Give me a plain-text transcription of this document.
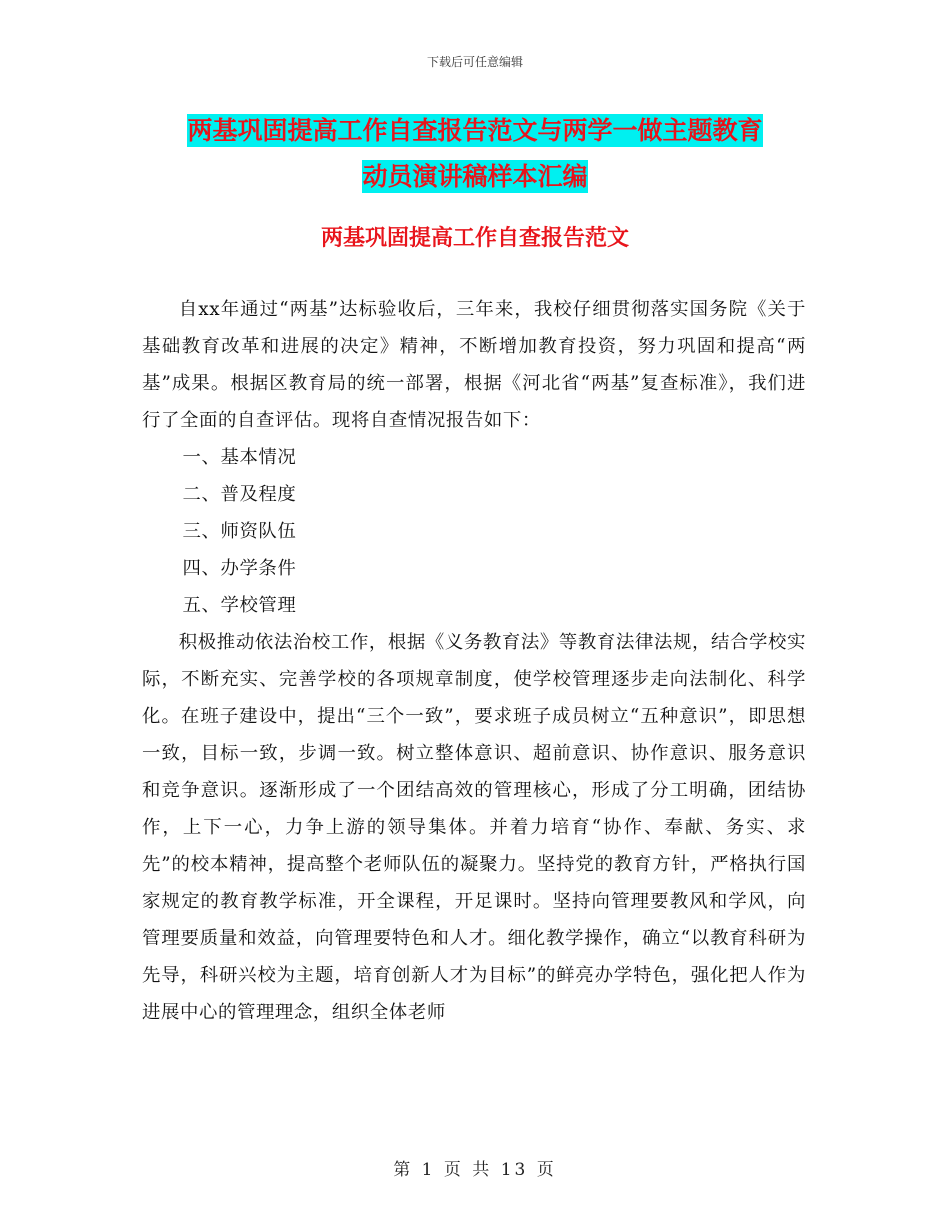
下载后可任意编辑
两基巩固提高工作自查报告范文与两学一做主题教育
动员演讲稿样本汇编
两基巩固提高工作自查报告范文

自xx年通过“两基”达标验收后，三年来，我校仔细贯彻落实国务院《关于基础教育改革和进展的决定》精神，不断增加教育投资，努力巩固和提高“两基”成果。根据区教育局的统一部署，根据《河北省“两基”复查标准》，我们进行了全面的自查评估。现将自查情况报告如下：

一、基本情况
二、普及程度
三、师资队伍
四、办学条件
五、学校管理

积极推动依法治校工作，根据《义务教育法》等教育法律法规，结合学校实际，不断充实、完善学校的各项规章制度，使学校管理逐步走向法制化、科学化。在班子建设中，提出“三个一致”，要求班子成员树立“五种意识”，即思想一致，目标一致，步调一致。树立整体意识、超前意识、协作意识、服务意识和竞争意识。逐渐形成了一个团结高效的管理核心，形成了分工明确，团结协作，上下一心，力争上游的领导集体。并着力培育“协作、奉献、务实、求先”的校本精神，提高整个老师队伍的凝聚力。坚持党的教育方针，严格执行国家规定的教育教学标准，开全课程，开足课时。坚持向管理要教风和学风，向管理要质量和效益，向管理要特色和人才。细化教学操作，确立“以教育科研为先导，科研兴校为主题，培育创新人才为目标”的鲜亮办学特色，强化把人作为进展中心的管理理念，组织全体老师

第 1 页 共 13 页
